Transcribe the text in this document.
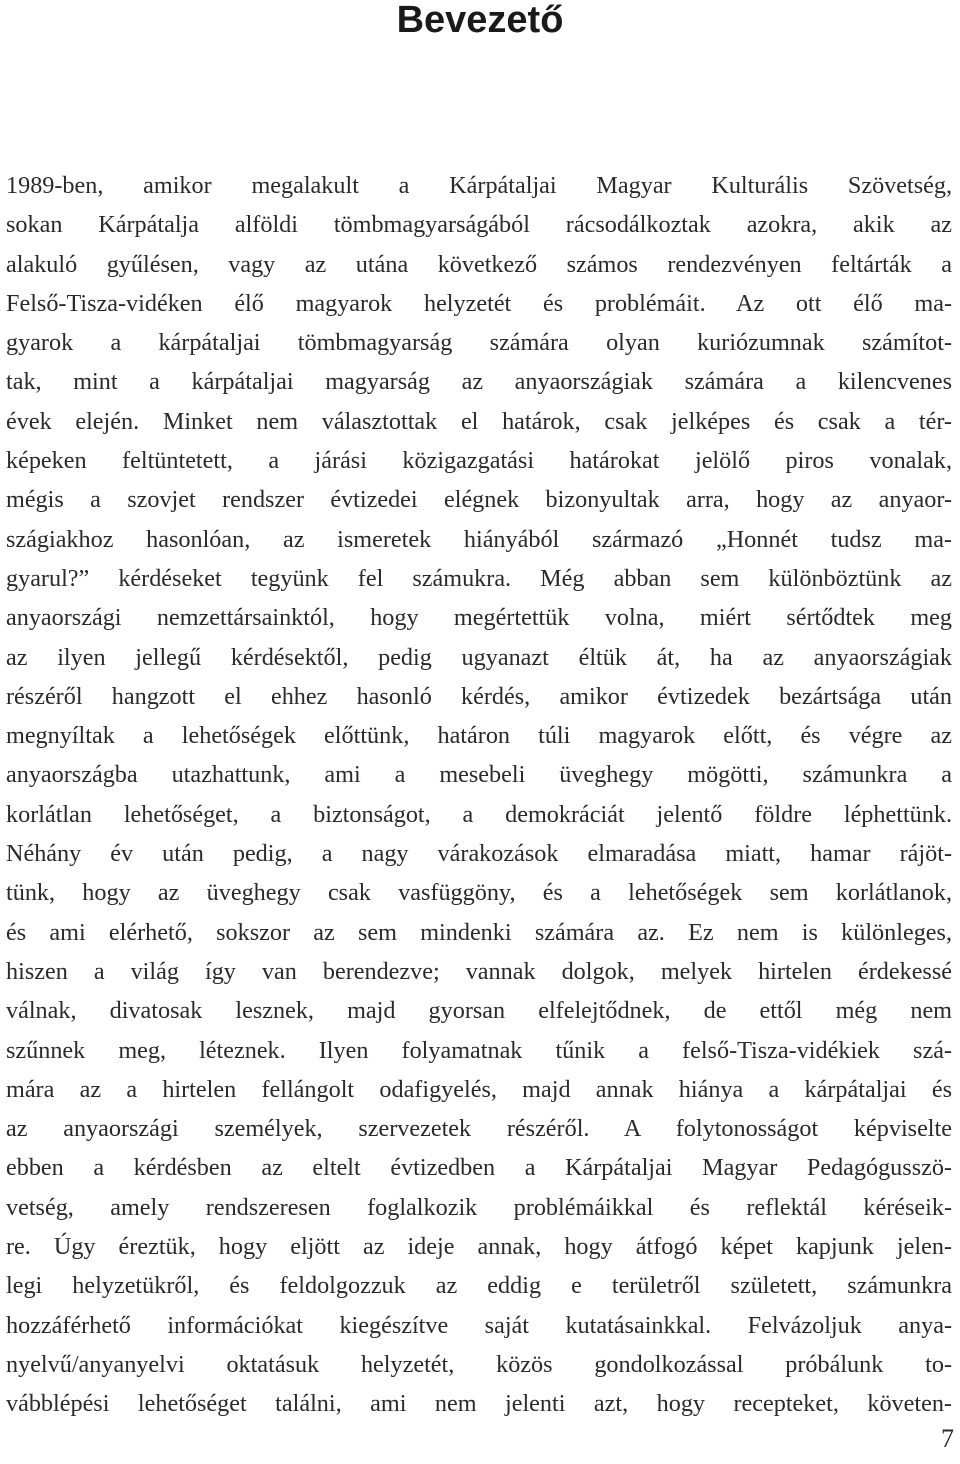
Bevezető
1989-ben, amikor megalakult a Kárpátaljai Magyar Kulturális Szövetség,
sokan Kárpátalja alföldi tömbmagyarságából rácsodálkoztak azokra, akik az
alakuló gyűlésen, vagy az utána következő számos rendezvényen feltárták a
Felső-Tisza-vidéken élő magyarok helyzetét és problémáit. Az ott élő ma-
gyarok a kárpátaljai tömbmagyarság számára olyan kuriózumnak számítot-
tak, mint a kárpátaljai magyarság az anyaországiak számára a kilencvenes
évek elején. Minket nem választottak el határok, csak jelképes és csak a tér-
képeken feltüntetett, a járási közigazgatási határokat jelölő piros vonalak,
mégis a szovjet rendszer évtizedei elégnek bizonyultak arra, hogy az anyaor-
szágiakhoz hasonlóan, az ismeretek hiányából származó „Honnét tudsz ma-
gyarul?” kérdéseket tegyünk fel számukra. Még abban sem különböztünk az
anyaországi nemzettársainktól, hogy megértettük volna, miért sértődtek meg
az ilyen jellegű kérdésektől, pedig ugyanazt éltük át, ha az anyaországiak
részéről hangzott el ehhez hasonló kérdés, amikor évtizedek bezártsága után
megnyíltak a lehetőségek előttünk, határon túli magyarok előtt, és végre az
anyaországba utazhattunk, ami a mesebeli üveghegy mögötti, számunkra a
korlátlan lehetőséget, a biztonságot, a demokráciát jelentő földre léphettünk.
Néhány év után pedig, a nagy várakozások elmaradása miatt, hamar rájöt-
tünk, hogy az üveghegy csak vasfüggöny, és a lehetőségek sem korlátlanok,
és ami elérhető, sokszor az sem mindenki számára az. Ez nem is különleges,
hiszen a világ így van berendezve; vannak dolgok, melyek hirtelen érdekessé
válnak, divatosak lesznek, majd gyorsan elfelejtődnek, de ettől még nem
szűnnek meg, léteznek. Ilyen folyamatnak tűnik a felső-Tisza-vidékiek szá-
mára az a hirtelen fellángolt odafigyelés, majd annak hiánya a kárpátaljai és
az anyaországi személyek, szervezetek részéről. A folytonosságot képviselte
ebben a kérdésben az eltelt évtizedben a Kárpátaljai Magyar Pedagógusszö-
vetség, amely rendszeresen foglalkozik problémáikkal és reflektál kéréseik-
re. Úgy éreztük, hogy eljött az ideje annak, hogy átfogó képet kapjunk jelen-
legi helyzetükről, és feldolgozzuk az eddig e területről született, számunkra
hozzáférhető információkat kiegészítve saját kutatásainkkal. Felvázoljuk anya-
nyelvű/anyanyelvi oktatásuk helyzetét, közös gondolkozással próbálunk to-
vábblépési lehetőséget találni, ami nem jelenti azt, hogy recepteket, követen-
7
